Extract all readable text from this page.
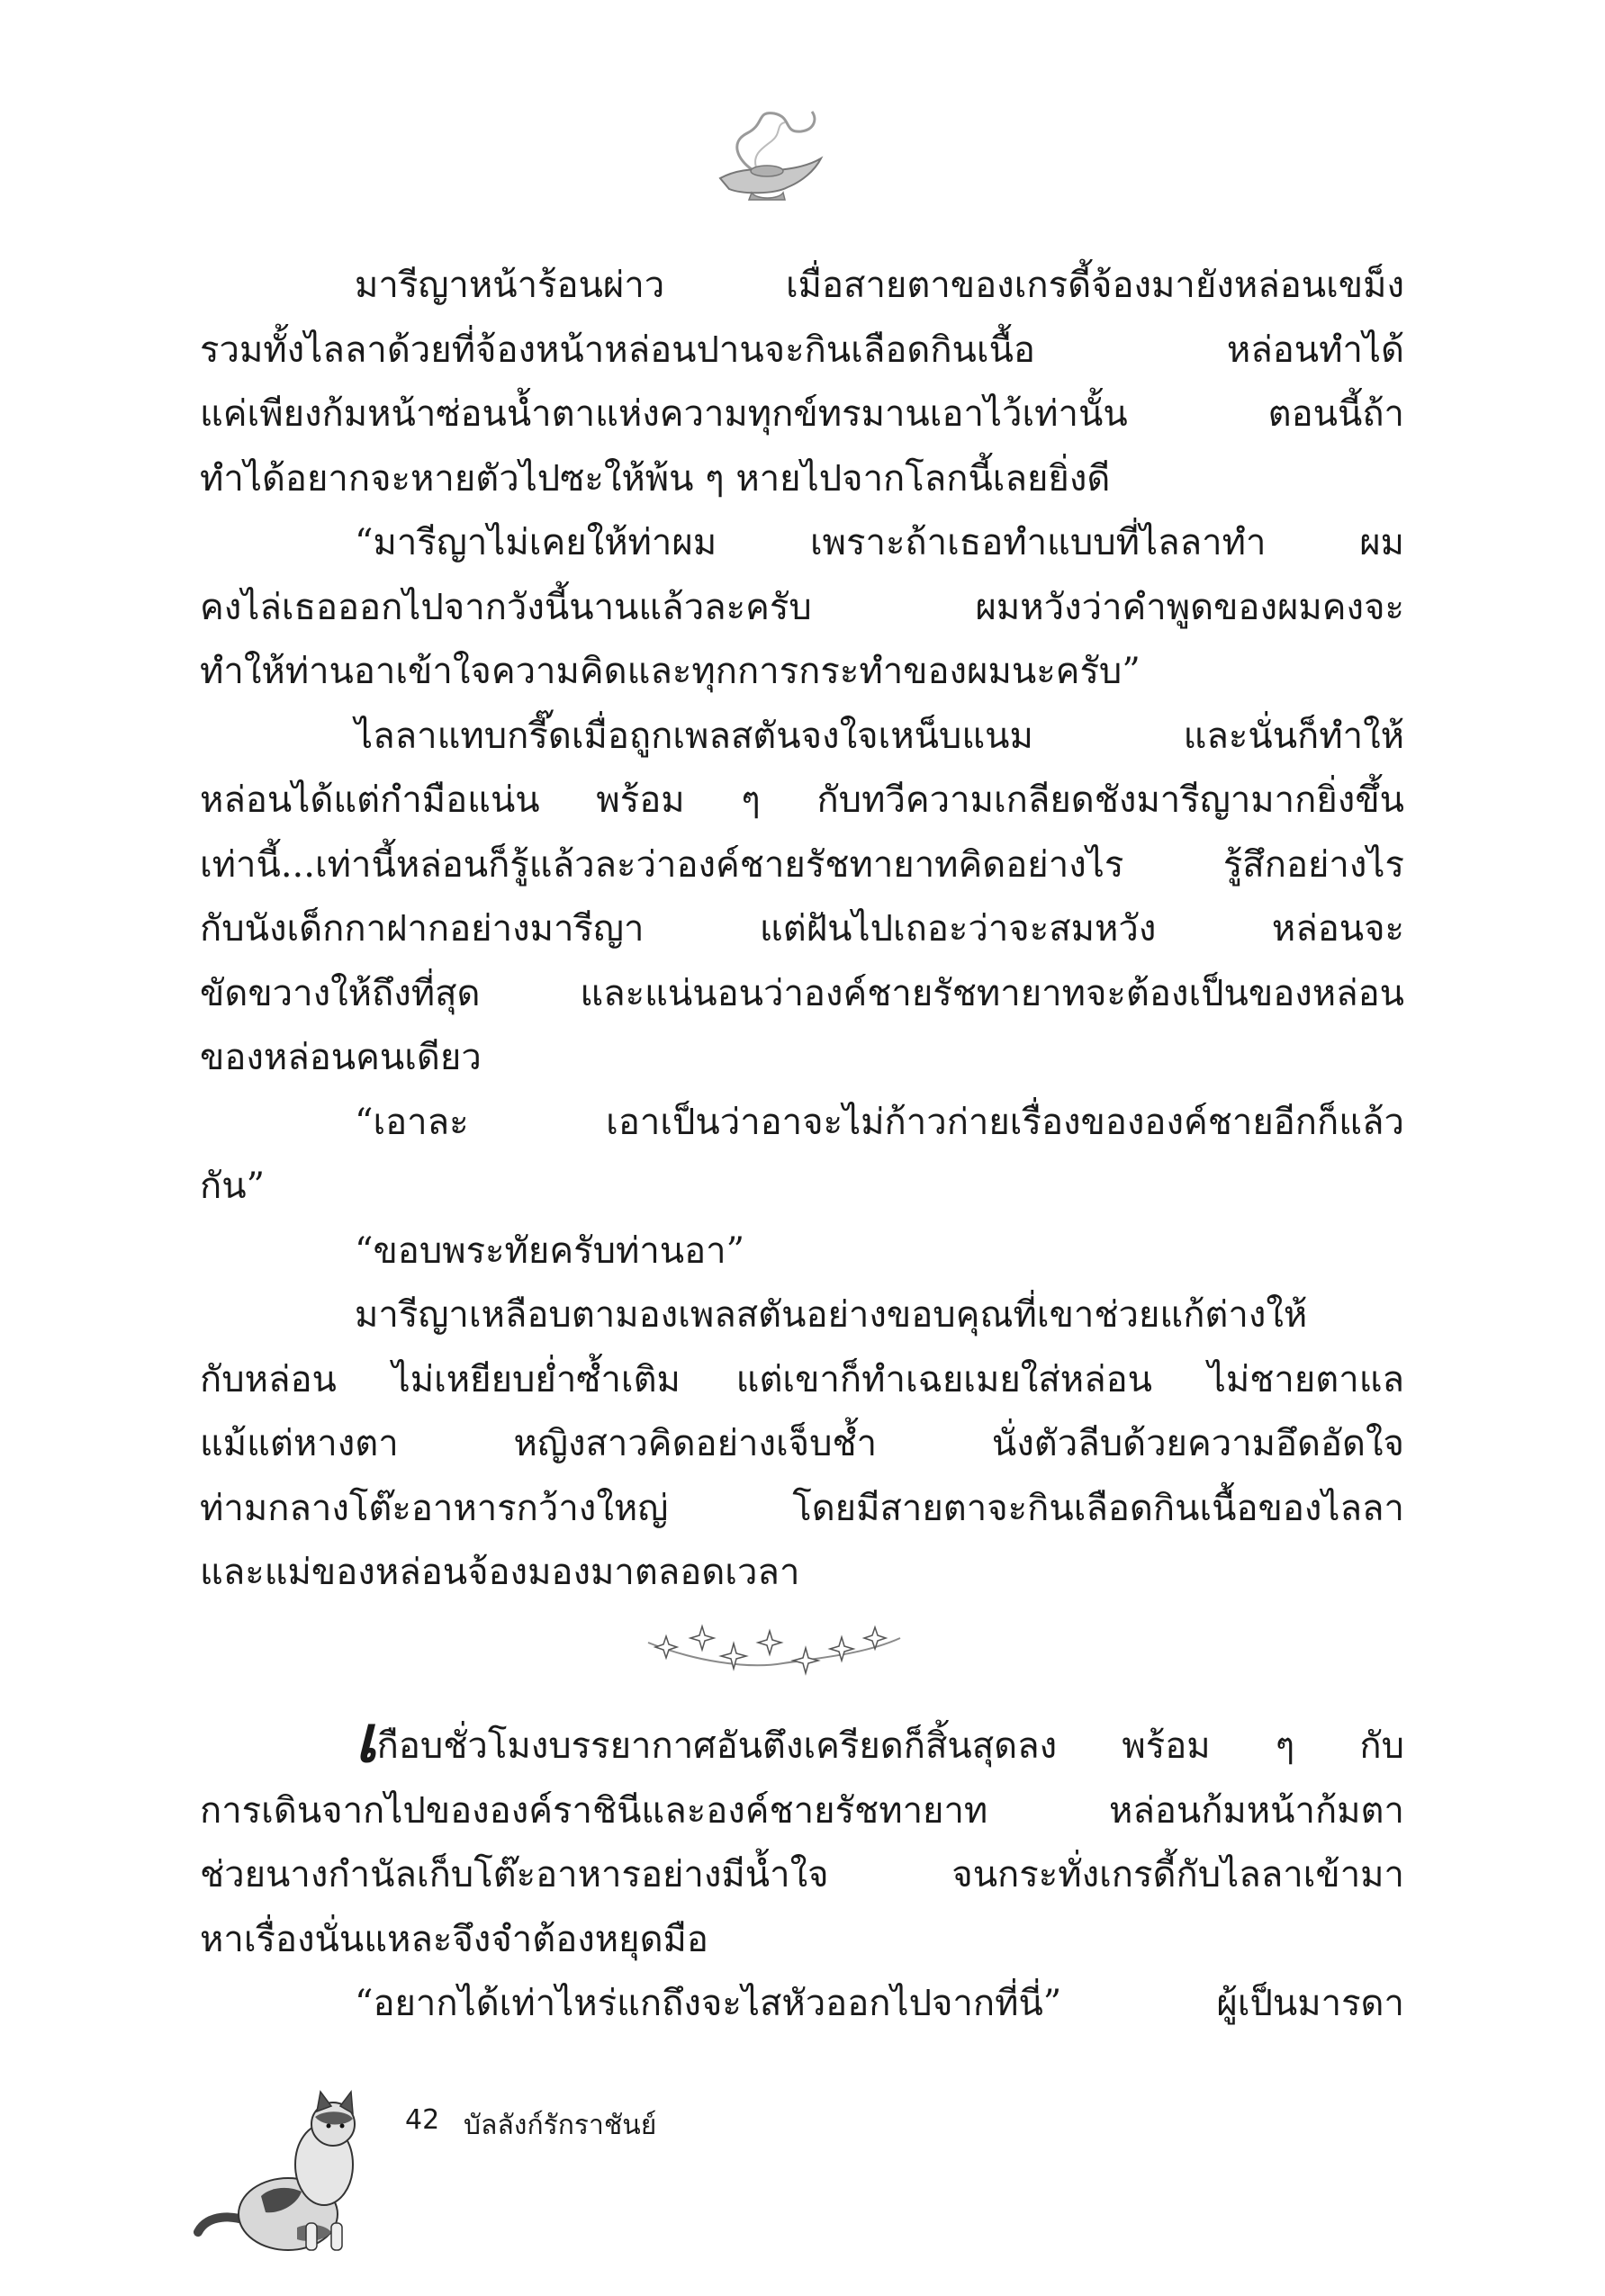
มารีญาหน้าร้อนผ่าว เมื่อสายตาของเกรดี้จ้องมายังหล่อนเขม็ง
รวมทั้งไลลาด้วยที่จ้องหน้าหล่อนปานจะกินเลือดกินเนื้อ หล่อนทำได้
แค่เพียงก้มหน้าซ่อนน้ำตาแห่งความทุกข์ทรมานเอาไว้เท่านั้น ตอนนี้ถ้า
ทำได้อยากจะหายตัวไปซะให้พ้น ๆ หายไปจากโลกนี้เลยยิ่งดี
“มารีญาไม่เคยให้ท่าผม เพราะถ้าเธอทำแบบที่ไลลาทำ ผม
คงไล่เธอออกไปจากวังนี้นานแล้วละครับ ผมหวังว่าคำพูดของผมคงจะ
ทำให้ท่านอาเข้าใจความคิดและทุกการกระทำของผมนะครับ”
ไลลาแทบกรี๊ดเมื่อถูกเพลสตันจงใจเหน็บแนม และนั่นก็ทำให้
หล่อนได้แต่กำมือแน่น พร้อม ๆ กับทวีความเกลียดชังมารีญามากยิ่งขึ้น
เท่านี้...เท่านี้หล่อนก็รู้แล้วละว่าองค์ชายรัชทายาทคิดอย่างไร รู้สึกอย่างไร
กับนังเด็กกาฝากอย่างมารีญา แต่ฝันไปเถอะว่าจะสมหวัง หล่อนจะ
ขัดขวางให้ถึงที่สุด และแน่นอนว่าองค์ชายรัชทายาทจะต้องเป็นของหล่อน
ของหล่อนคนเดียว
“เอาละ เอาเป็นว่าอาจะไม่ก้าวก่ายเรื่องขององค์ชายอีกก็แล้ว
กัน”
“ขอบพระทัยครับท่านอา”
มารีญาเหลือบตามองเพลสตันอย่างขอบคุณที่เขาช่วยแก้ต่างให้
กับหล่อน ไม่เหยียบย่ำซ้ำเติม แต่เขาก็ทำเฉยเมยใส่หล่อน ไม่ชายตาแล
แม้แต่หางตา หญิงสาวคิดอย่างเจ็บช้ำ นั่งตัวลีบด้วยความอึดอัดใจ
ท่ามกลางโต๊ะอาหารกว้างใหญ่ โดยมีสายตาจะกินเลือดกินเนื้อของไลลา
และแม่ของหล่อนจ้องมองมาตลอดเวลา
เกือบชั่วโมงบรรยากาศอันตึงเครียดก็สิ้นสุดลง พร้อม ๆ กับ
การเดินจากไปขององค์ราชินีและองค์ชายรัชทายาท หล่อนก้มหน้าก้มตา
ช่วยนางกำนัลเก็บโต๊ะอาหารอย่างมีน้ำใจ จนกระทั่งเกรดี้กับไลลาเข้ามา
หาเรื่องนั่นแหละจึงจำต้องหยุดมือ
“อยากได้เท่าไหร่แกถึงจะไสหัวออกไปจากที่นี่” ผู้เป็นมารดา
42 บัลลังก์รักราชันย์
